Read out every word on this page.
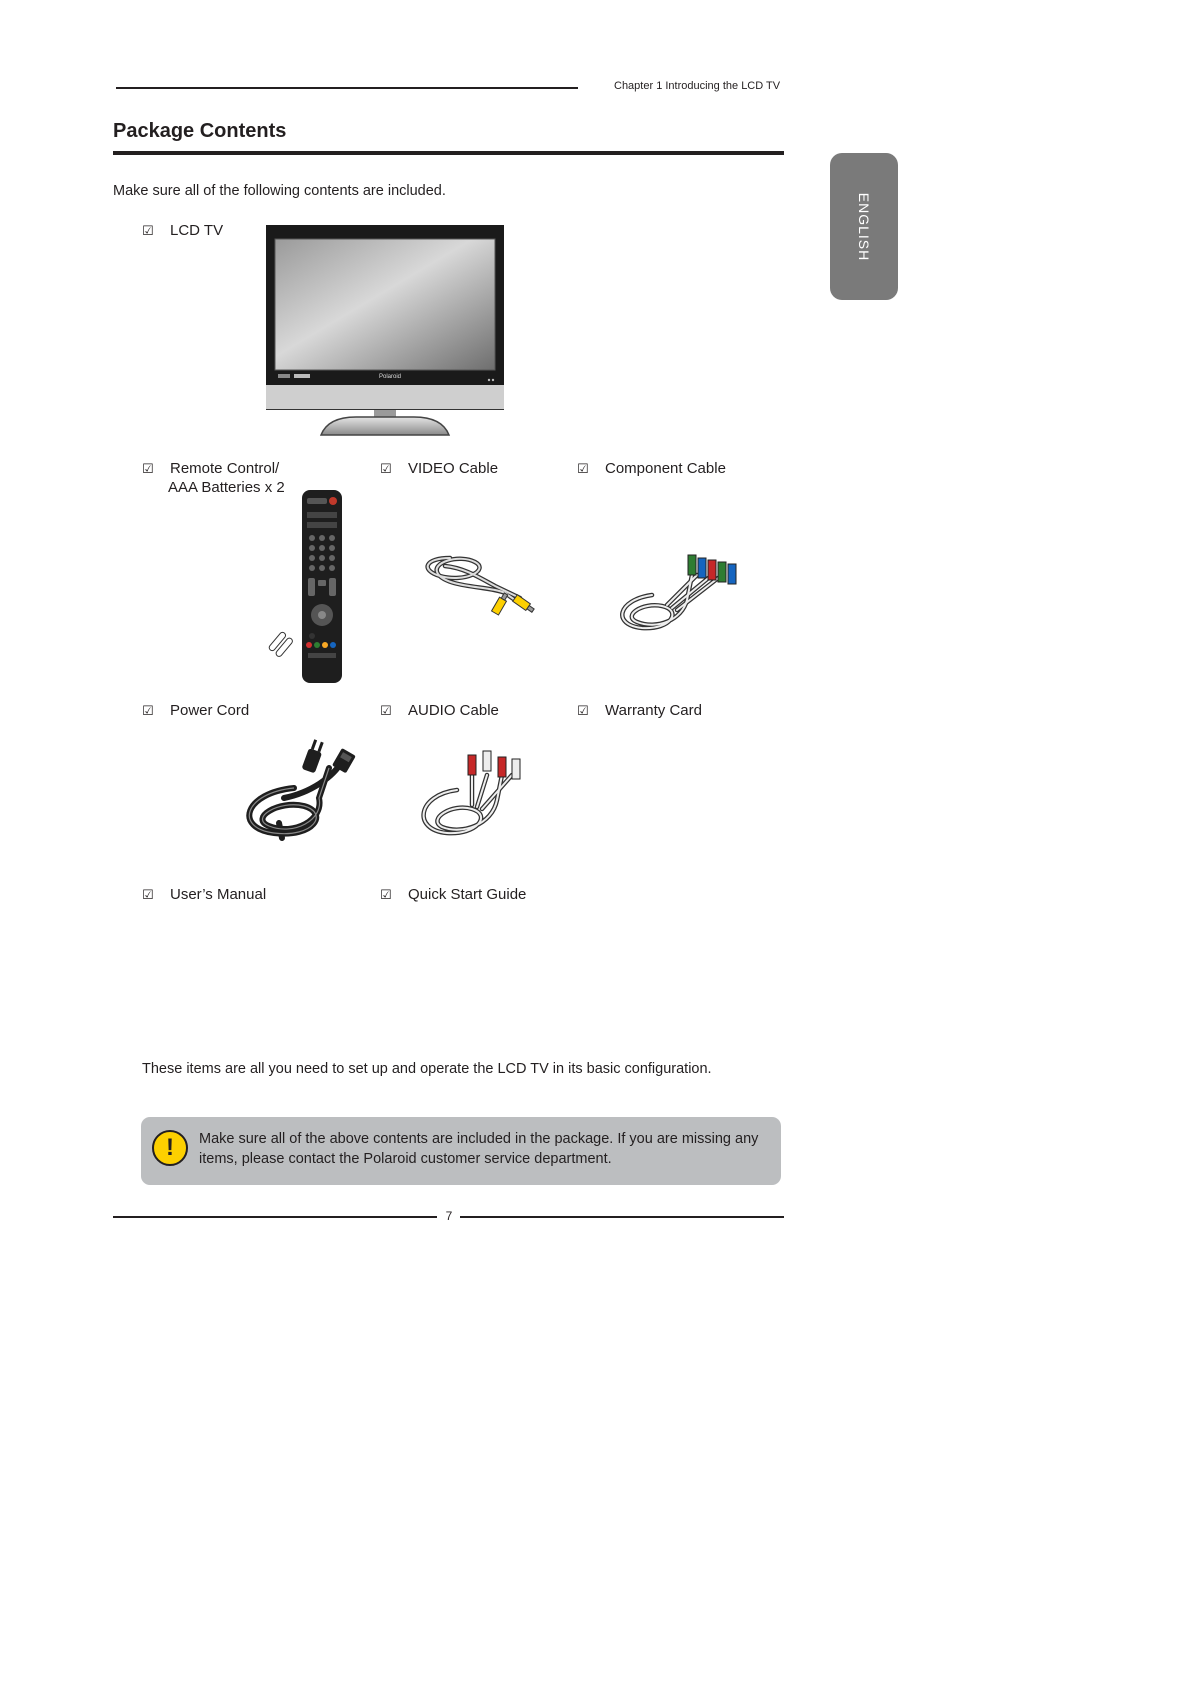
Chapter 1 Introducing the LCD TV
ENGLISH
Package Contents
Make sure all of the following contents are included.
☑ LCD TV
Polaroid
☑ Remote Control/
AAA Batteries x 2
☑ VIDEO Cable	☑ Component Cable
☑ Power Cord	☑ AUDIO Cable	☑ Warranty Card
☑ User’s Manual	☑ Quick Start Guide
These items are all you need to set up and operate the LCD TV in its basic configuration.
!	Make sure all of the above contents are included in the package. If you are missing any items, please contact the Polaroid customer service department.
7
